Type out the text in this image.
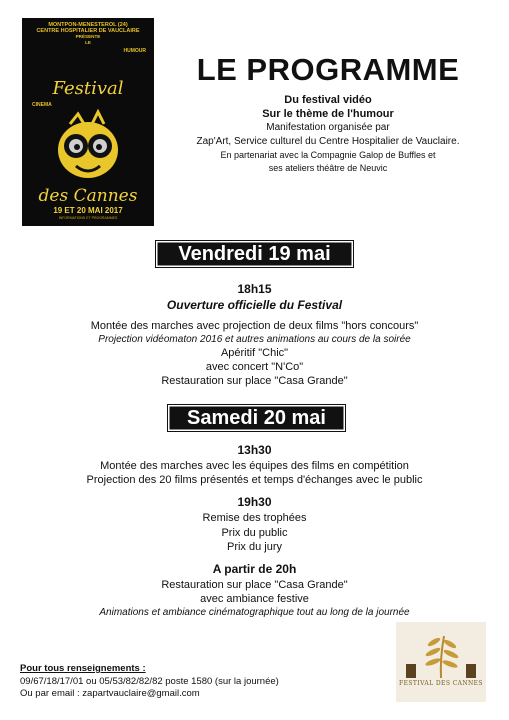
MONTPON-MENESTEROL (24)
CENTRE HOSPITALIER DE VAUCLAIRE
PRÉSENTE
LE
HUMOUR
Festival
CINEMA
des Cannes
19 ET 20 MAI 2017
INFORMATIONS ET PROGRAMMES
LE PROGRAMME
Du festival vidéo
Sur le thème de l'humour
Manifestation organisée par
Zap'Art, Service culturel du Centre Hospitalier de Vauclaire.
En partenariat avec la Compagnie Galop de Buffles et
ses ateliers théâtre de Neuvic
Vendredi 19 mai
18h15
Ouverture officielle du Festival
Montée des marches avec projection de deux films "hors concours"
Projection vidéomaton 2016 et autres animations au cours de la soirée
Apéritif "Chic"
avec concert "N'Co"
Restauration sur place "Casa Grande"
Samedi 20 mai
13h30
Montée des marches avec les équipes des films en compétition
Projection des 20 films présentés et temps d'échanges avec le public
19h30
Remise des trophées
Prix du public
Prix du jury
A partir de 20h
Restauration sur place "Casa Grande"
avec ambiance festive
Animations et ambiance cinématographique tout au long de la journée
Pour tous renseignements :
09/67/18/17/01 ou 05/53/82/82/82 poste 1580 (sur la journée)
Ou par email : zapartvauclaire@gmail.com
FESTIVAL DES CANNES
